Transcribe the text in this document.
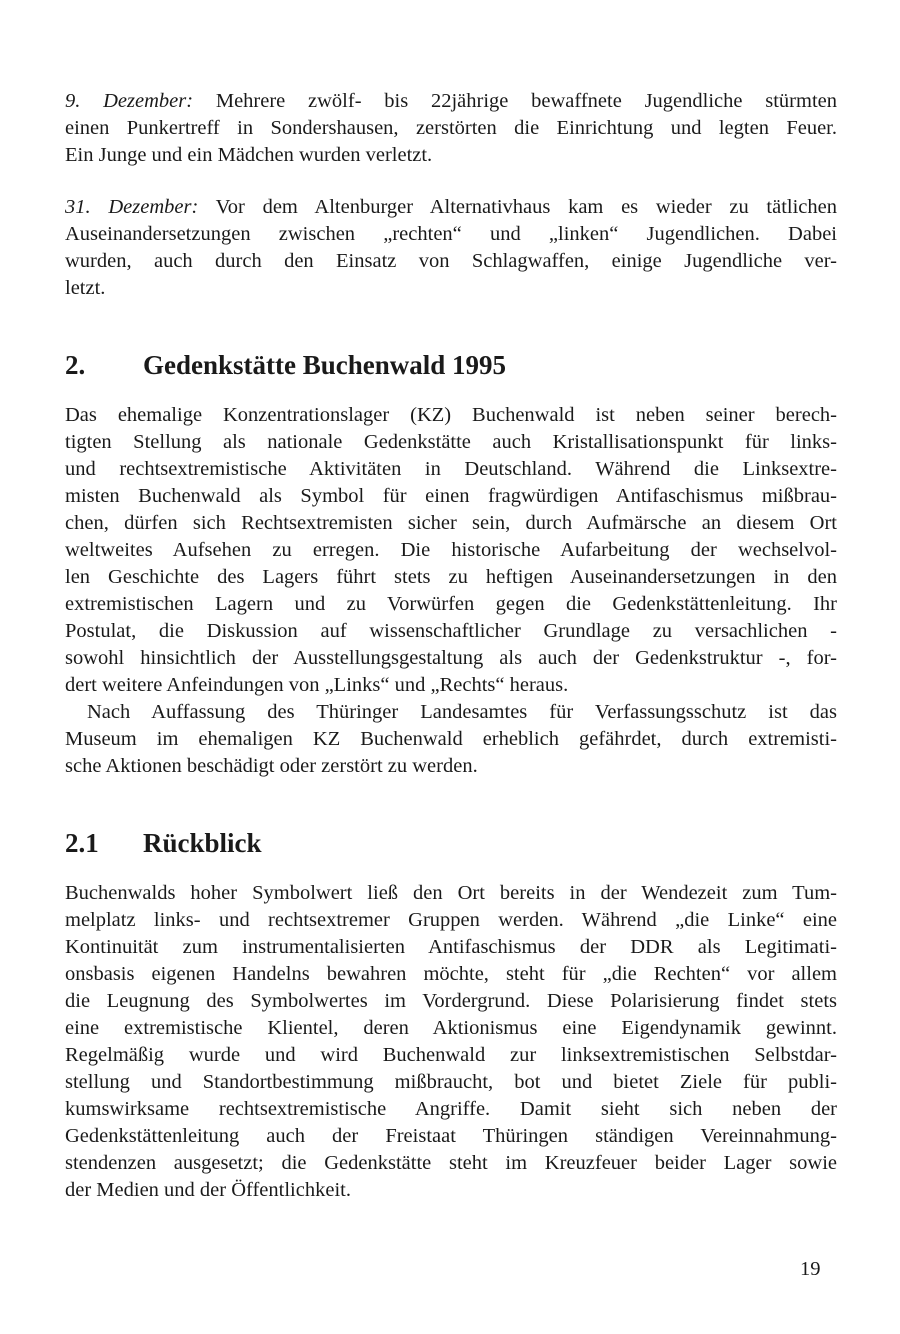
9. Dezember: Mehrere zwölf- bis 22jährige bewaffnete Jugendliche stürmten
einen Punkertreff in Sondershausen, zerstörten die Einrichtung und legten Feuer.
Ein Junge und ein Mädchen wurden verletzt.
31. Dezember: Vor dem Altenburger Alternativhaus kam es wieder zu tätlichen
Auseinandersetzungen zwischen „rechten“ und „linken“ Jugendlichen. Dabei
wurden, auch durch den Einsatz von Schlagwaffen, einige Jugendliche ver-
letzt.
2. Gedenkstätte Buchenwald 1995
Das ehemalige Konzentrationslager (KZ) Buchenwald ist neben seiner berech-
tigten Stellung als nationale Gedenkstätte auch Kristallisationspunkt für links-
und rechtsextremistische Aktivitäten in Deutschland. Während die Linksextre-
misten Buchenwald als Symbol für einen fragwürdigen Antifaschismus mißbrau-
chen, dürfen sich Rechtsextremisten sicher sein, durch Aufmärsche an diesem Ort
weltweites Aufsehen zu erregen. Die historische Aufarbeitung der wechselvol-
len Geschichte des Lagers führt stets zu heftigen Auseinandersetzungen in den
extremistischen Lagern und zu Vorwürfen gegen die Gedenkstättenleitung. Ihr
Postulat, die Diskussion auf wissenschaftlicher Grundlage zu versachlichen -
sowohl hinsichtlich der Ausstellungsgestaltung als auch der Gedenkstruktur -, for-
dert weitere Anfeindungen von „Links“ und „Rechts“ heraus.
Nach Auffassung des Thüringer Landesamtes für Verfassungsschutz ist das
Museum im ehemaligen KZ Buchenwald erheblich gefährdet, durch extremisti-
sche Aktionen beschädigt oder zerstört zu werden.
2.1 Rückblick
Buchenwalds hoher Symbolwert ließ den Ort bereits in der Wendezeit zum Tum-
melplatz links- und rechtsextremer Gruppen werden. Während „die Linke“ eine
Kontinuität zum instrumentalisierten Antifaschismus der DDR als Legitimati-
onsbasis eigenen Handelns bewahren möchte, steht für „die Rechten“ vor allem
die Leugnung des Symbolwertes im Vordergrund. Diese Polarisierung findet stets
eine extremistische Klientel, deren Aktionismus eine Eigendynamik gewinnt.
Regelmäßig wurde und wird Buchenwald zur linksextremistischen Selbstdar-
stellung und Standortbestimmung mißbraucht, bot und bietet Ziele für publi-
kumswirksame rechtsextremistische Angriffe. Damit sieht sich neben der
Gedenkstättenleitung auch der Freistaat Thüringen ständigen Vereinnahmung-
stendenzen ausgesetzt; die Gedenkstätte steht im Kreuzfeuer beider Lager sowie
der Medien und der Öffentlichkeit.
19
